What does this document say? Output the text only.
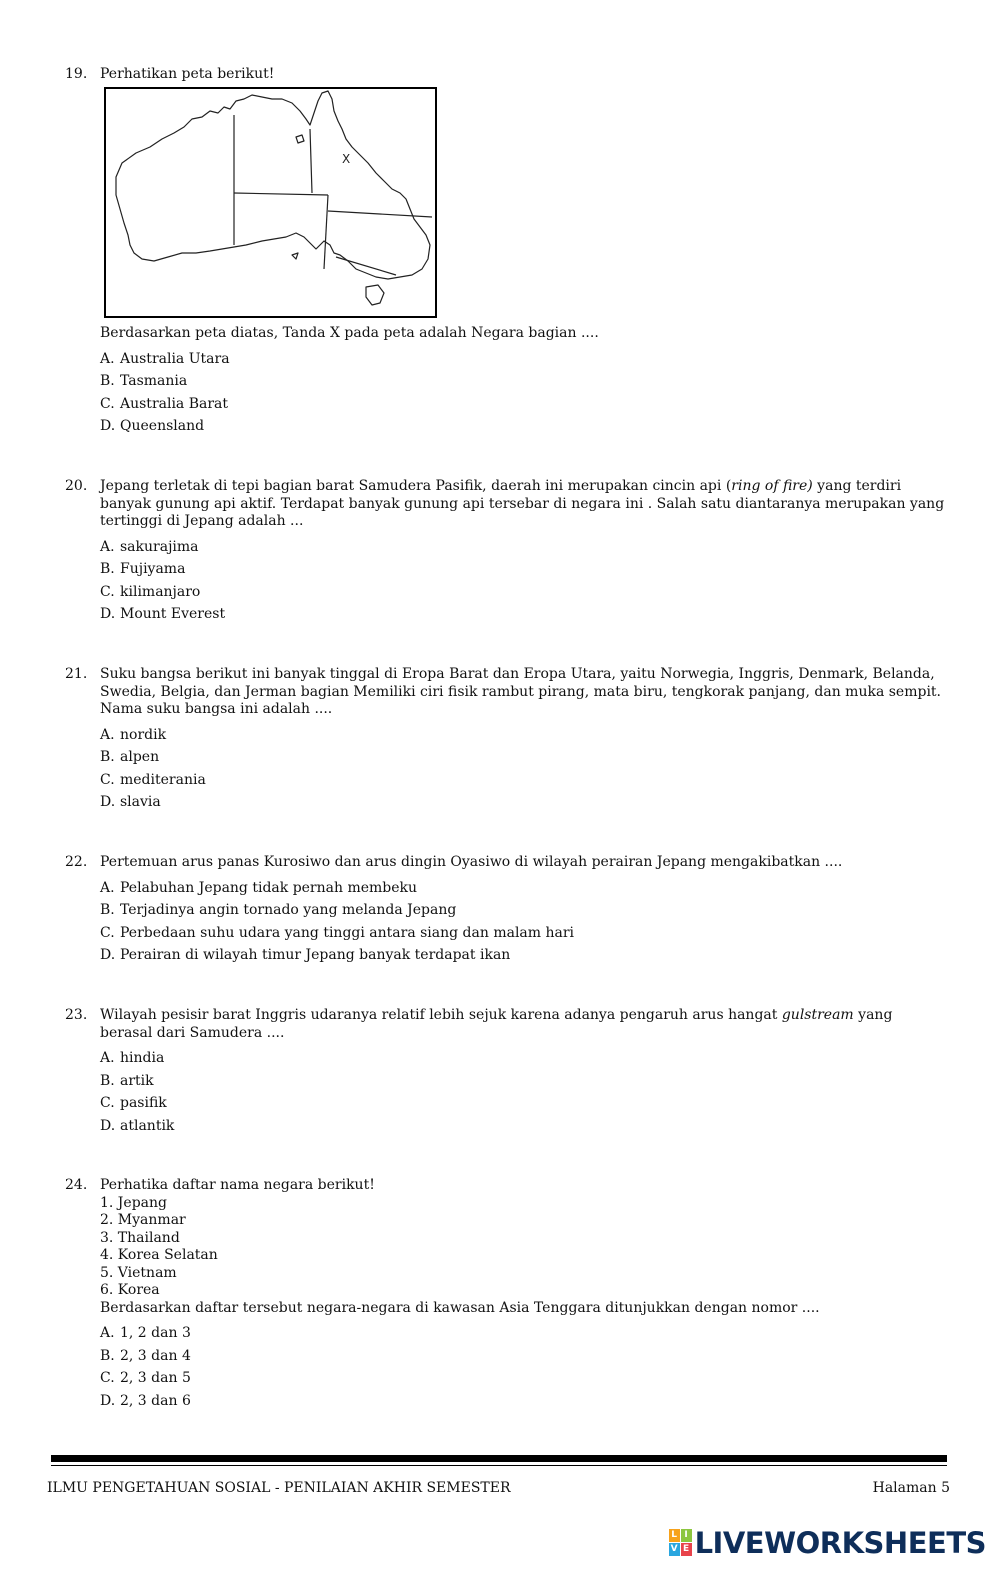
19. Perhatikan peta berikut!
X
Berdasarkan peta diatas, Tanda X pada peta adalah Negara bagian ....
A. Australia Utara
B. Tasmania
C. Australia Barat
D. Queensland
20. Jepang terletak di tepi bagian barat Samudera Pasifik, daerah ini merupakan cincin api (ring of fire) yang terdiri banyak gunung api aktif. Terdapat banyak gunung api tersebar di negara ini . Salah satu diantaranya merupakan yang tertinggi di Jepang adalah ...
A. sakurajima
B. Fujiyama
C. kilimanjaro
D. Mount Everest
21. Suku bangsa berikut ini banyak tinggal di Eropa Barat dan Eropa Utara, yaitu Norwegia, Inggris, Denmark, Belanda, Swedia, Belgia, dan Jerman bagian Memiliki ciri fisik rambut pirang, mata biru, tengkorak panjang, dan muka sempit. Nama suku bangsa ini adalah ....
A. nordik
B. alpen
C. mediterania
D. slavia
22. Pertemuan arus panas Kurosiwo dan arus dingin Oyasiwo di wilayah perairan Jepang mengakibatkan ....
A. Pelabuhan Jepang tidak pernah membeku
B. Terjadinya angin tornado yang melanda Jepang
C. Perbedaan suhu udara yang tinggi antara siang dan malam hari
D. Perairan di wilayah timur Jepang banyak terdapat ikan
23. Wilayah pesisir barat Inggris udaranya relatif lebih sejuk karena adanya pengaruh arus hangat gulstream yang berasal dari Samudera ....
A. hindia
B. artik
C. pasifik
D. atlantik
24. Perhatika daftar nama negara berikut!
1. Jepang
2. Myanmar
3. Thailand
4. Korea Selatan
5. Vietnam
6. Korea
Berdasarkan daftar tersebut negara-negara di kawasan Asia Tenggara ditunjukkan dengan nomor ....
A. 1, 2 dan 3
B. 2, 3 dan 4
C. 2, 3 dan 5
D. 2, 3 dan 6
ILMU PENGETAHUAN SOSIAL - PENILAIAN AKHIR SEMESTER	Halaman 5
L I
V E LIVEWORKSHEETS
